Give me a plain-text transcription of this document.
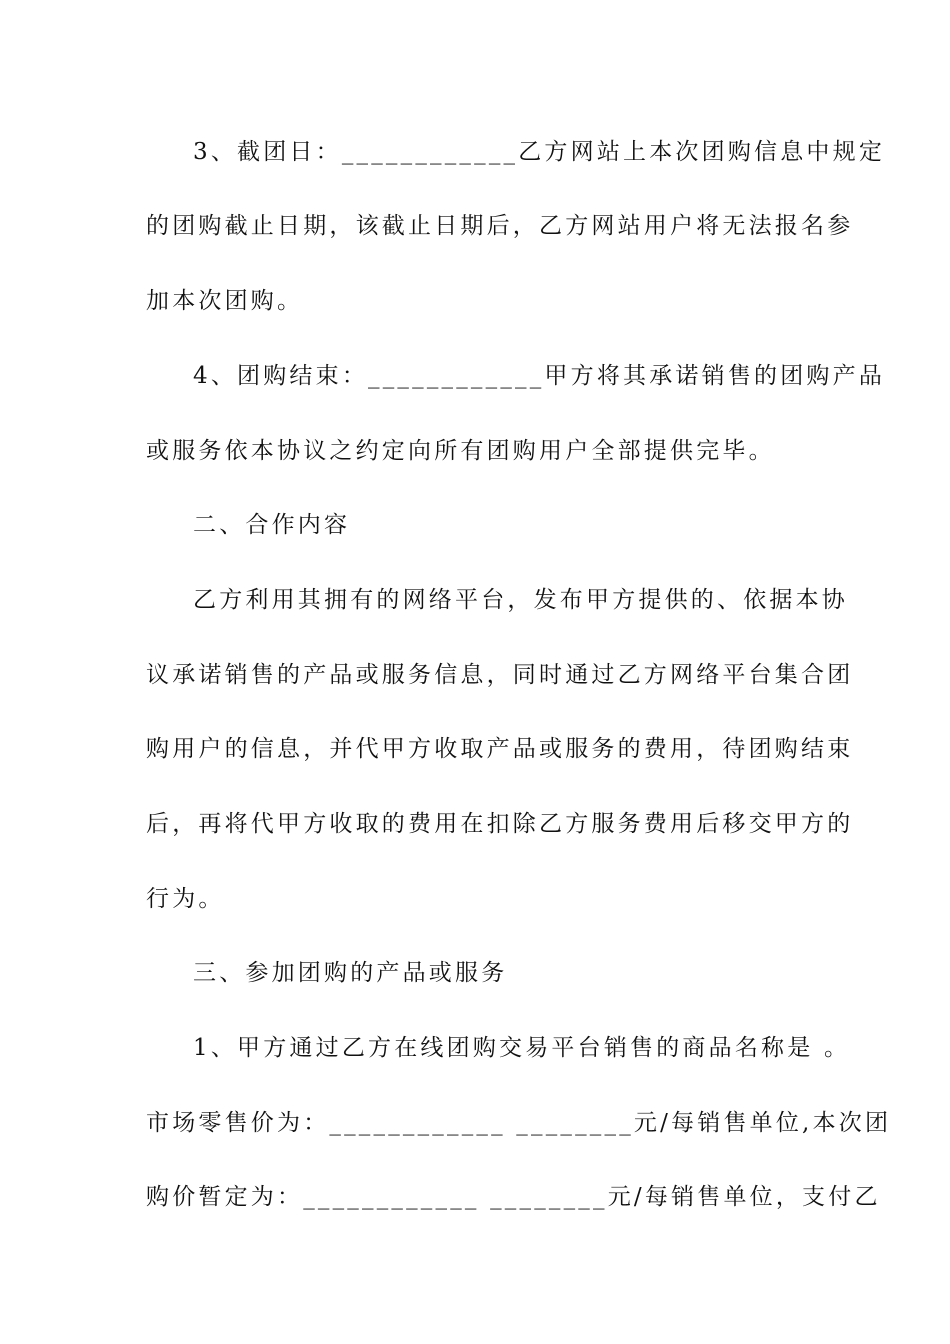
3、截团日：____________乙方网站上本次团购信息中规定
的团购截止日期，该截止日期后，乙方网站用户将无法报名参
加本次团购。
4、团购结束：____________甲方将其承诺销售的团购产品
或服务依本协议之约定向所有团购用户全部提供完毕。
二、合作内容
乙方利用其拥有的网络平台，发布甲方提供的、依据本协
议承诺销售的产品或服务信息，同时通过乙方网络平台集合团
购用户的信息，并代甲方收取产品或服务的费用，待团购结束
后，再将代甲方收取的费用在扣除乙方服务费用后移交甲方的
行为。
三、参加团购的产品或服务
1、甲方通过乙方在线团购交易平台销售的商品名称是 。
市场零售价为：____________ ________元/每销售单位,本次团
购价暂定为：____________ ________元/每销售单位，支付乙
